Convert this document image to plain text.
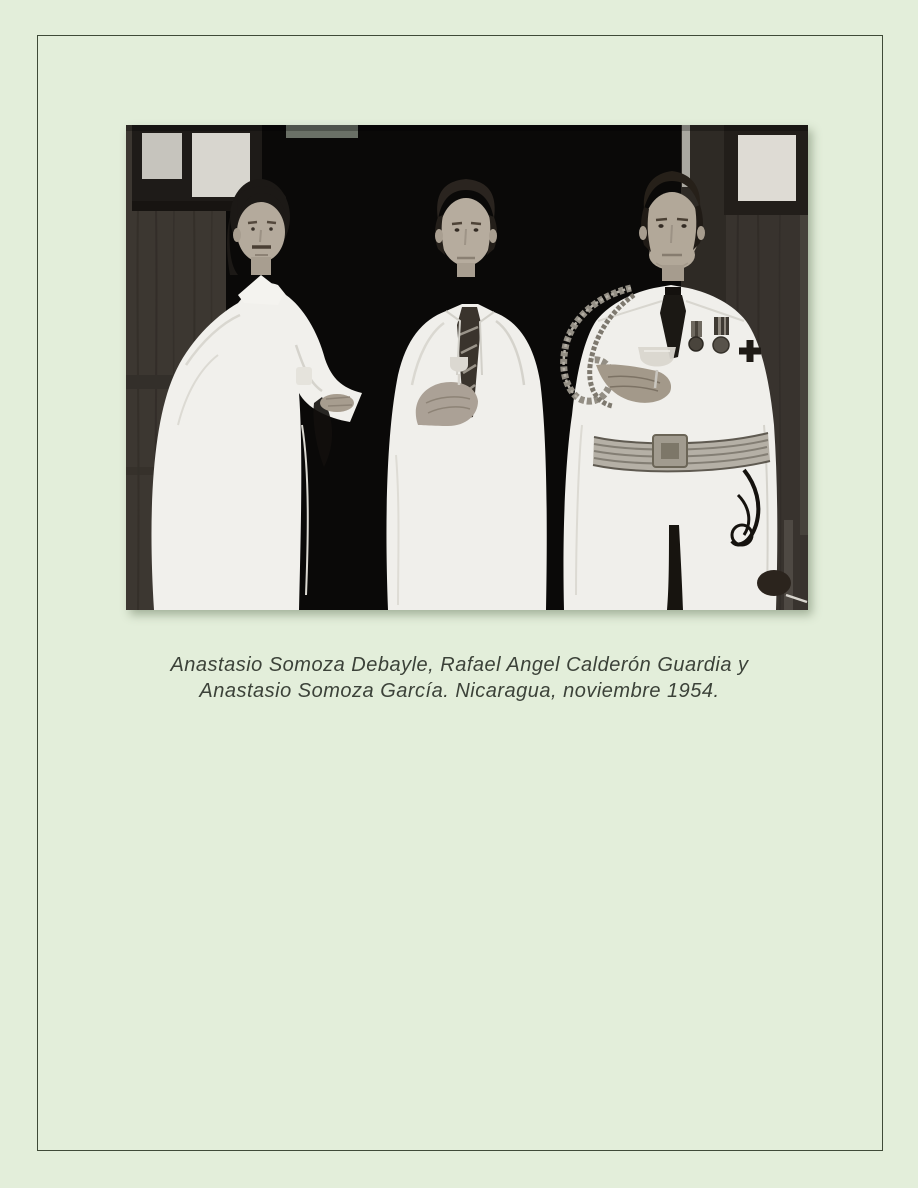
Anastasio Somoza Debayle, Rafael Angel Calderón Guardia y
Anastasio Somoza García. Nicaragua, noviembre 1954.
